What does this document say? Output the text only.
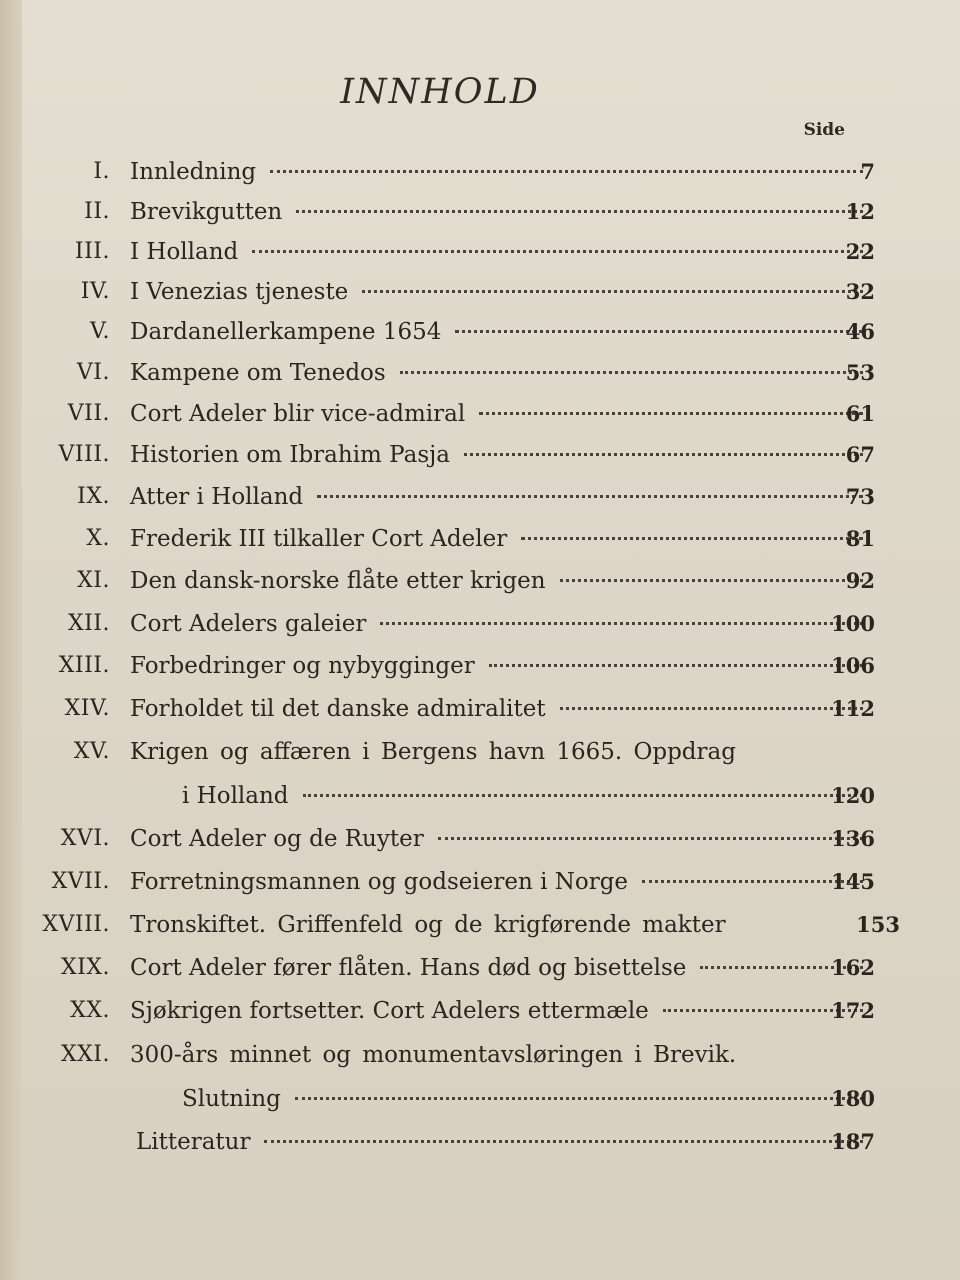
INNHOLD
Side
I. Innledning	7
II. Brevikgutten	12
III. I Holland	22
IV. I Venezias tjeneste	32
V. Dardanellerkampene 1654	46
VI. Kampene om Tenedos	53
VII. Cort Adeler blir vice-admiral	61
VIII. Historien om Ibrahim Pasja	67
IX. Atter i Holland	73
X. Frederik III tilkaller Cort Adeler	81
XI. Den dansk-norske flåte etter krigen	92
XII. Cort Adelers galeier	100
XIII. Forbedringer og nybygginger	106
XIV. Forholdet til det danske admiralitet	112
XV. Krigen og affæren i Bergens havn 1665. Oppdrag
i Holland	120
XVI. Cort Adeler og de Ruyter	136
XVII. Forretningsmannen og godseieren i Norge	145
XVIII. Tronskiftet. Griffenfeld og de krigførende makter	153
XIX. Cort Adeler fører flåten. Hans død og bisettelse	162
XX. Sjøkrigen fortsetter. Cort Adelers ettermæle	172
XXI. 300-års minnet og monumentavsløringen i Brevik.
Slutning	180
Litteratur	187
